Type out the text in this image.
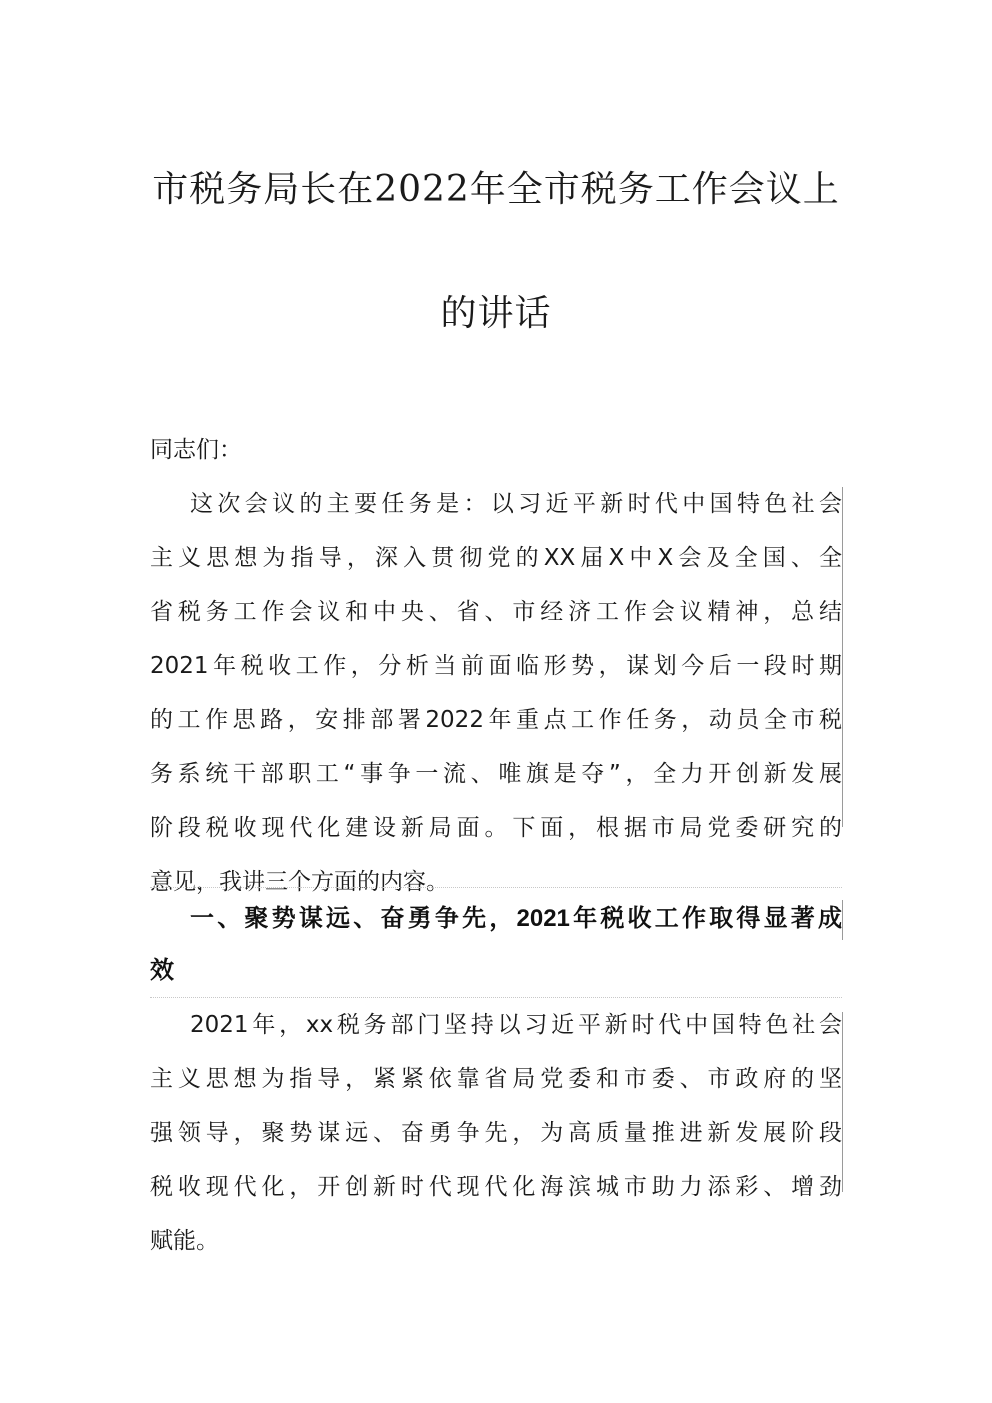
市税务局长在2022年全市税务工作会议上
的讲话
同志们：
这次会议的主要任务是：以习近平新时代中国特色社会
主义思想为指导，深入贯彻党的XX届X中X会及全国、全
省税务工作会议和中央、省、市经济工作会议精神，总结
2021年税收工作，分析当前面临形势，谋划今后一段时期
的工作思路，安排部署2022年重点工作任务，动员全市税
务系统干部职工“事争一流、唯旗是夺”，全力开创新发展
阶段税收现代化建设新局面。下面，根据市局党委研究的
意见，我讲三个方面的内容。
一、聚势谋远、奋勇争先，2021年税收工作取得显著成
效
2021年，xx税务部门坚持以习近平新时代中国特色社会
主义思想为指导，紧紧依靠省局党委和市委、市政府的坚
强领导，聚势谋远、奋勇争先，为高质量推进新发展阶段
税收现代化，开创新时代现代化海滨城市助力添彩、增劲
赋能。
